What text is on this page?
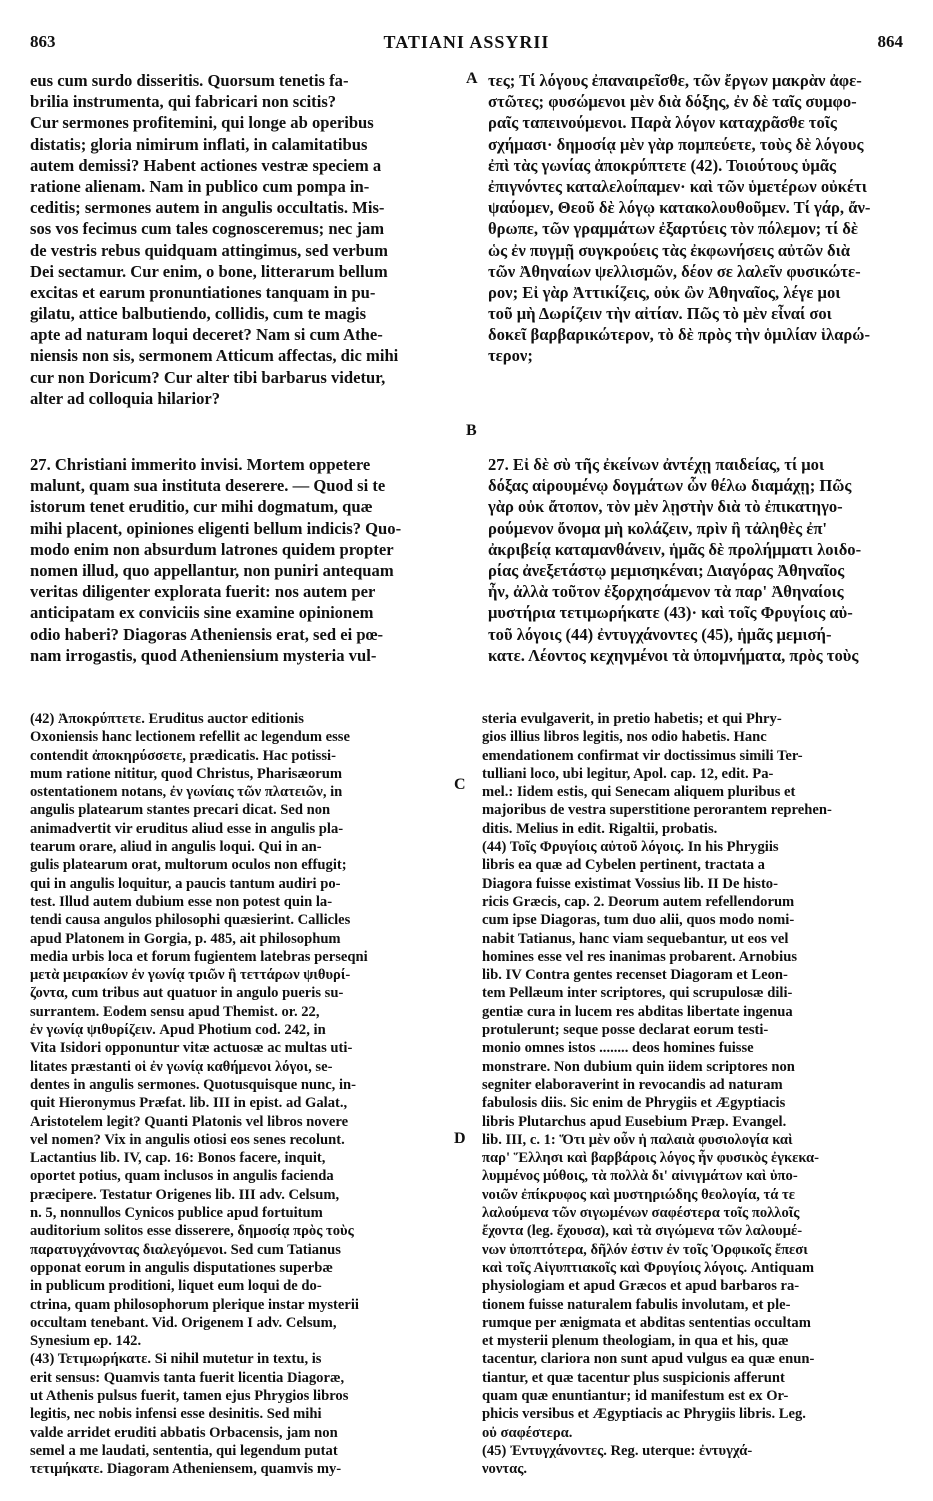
863	TATIANI ASSYRII	864
A
B
C
D
eus cum surdo disseritis. Quorsum tenetis fa-
brilia instrumenta, qui fabricari non scitis?
Cur sermones profitemini, qui longe ab operibus
distatis; gloria nimirum inflati, in calamitatibus
autem demissi? Habent actiones vestræ speciem a
ratione alienam. Nam in publico cum pompa in-
ceditis; sermones autem in angulis occultatis. Mis-
sos vos fecimus cum tales cognosceremus; nec jam
de vestris rebus quidquam attingimus, sed verbum
Dei sectamur. Cur enim, o bone, litterarum bellum
excitas et earum pronuntiationes tanquam in pu-
gilatu, attice balbutiendo, collidis, cum te magis
apte ad naturam loqui deceret? Nam si cum Athe-
niensis non sis, sermonem Atticum affectas, dic mihi
cur non Doricum? Cur alter tibi barbarus videtur,
alter ad colloquia hilarior?
τες; Τί λόγους ἐπαναιρεῖσθε, τῶν ἔργων μακρὰν ἀφε-
στῶτες; φυσώμενοι μὲν διὰ δόξης, ἐν δὲ ταῖς συμφο-
ραῖς ταπεινούμενοι. Παρὰ λόγον καταχρᾶσθε τοῖς
σχήμασι· δημοσίᾳ μὲν γὰρ πομπεύετε, τοὺς δὲ λόγους
ἐπὶ τὰς γωνίας ἀποκρύπτετε (42). Τοιούτους ὑμᾶς
ἐπιγνόντες καταλελοίπαμεν· καὶ τῶν ὑμετέρων οὐκέτι
ψαύομεν, Θεοῦ δὲ λόγῳ κατακολουθοῦμεν. Τί γάρ, ἄν-
θρωπε, τῶν γραμμάτων ἐξαρτύεις τὸν πόλεμον; τί δὲ
ὡς ἐν πυγμῇ συγκρούεις τὰς ἐκφωνήσεις αὐτῶν διὰ
τῶν Ἀθηναίων ψελλισμῶν, δέον σε λαλεῖν φυσικώτε-
ρον; Εἰ γὰρ Ἀττικίζεις, οὐκ ὢν Ἀθηναῖος, λέγε μοι
τοῦ μὴ Δωρίζειν τὴν αἰτίαν. Πῶς τὸ μὲν εἶναί σοι
δοκεῖ βαρβαρικώτερον, τὸ δὲ πρὸς τὴν ὁμιλίαν ἱλαρώ-
τερον;
27. Christiani immerito invisi. Mortem oppetere
malunt, quam sua instituta deserere. — Quod si te
istorum tenet eruditio, cur mihi dogmatum, quæ
mihi placent, opiniones eligenti bellum indicis? Quo-
modo enim non absurdum latrones quidem propter
nomen illud, quo appellantur, non puniri antequam
veritas diligenter explorata fuerit: nos autem per
anticipatam ex conviciis sine examine opinionem
odio haberi? Diagoras Atheniensis erat, sed ei pœ-
nam irrogastis, quod Atheniensium mysteria vul-
27. Εἰ δὲ σὺ τῆς ἐκείνων ἀντέχῃ παιδείας, τί μοι
δόξας αἱρουμένῳ δογμάτων ὧν θέλω διαμάχῃ; Πῶς
γὰρ οὐκ ἄτοπον, τὸν μὲν λῃστὴν διὰ τὸ ἐπικατηγο-
ρούμενον ὄνομα μὴ κολάζειν, πρὶν ἢ τἀληθὲς ἐπ'
ἀκριβείᾳ καταμανθάνειν, ἡμᾶς δὲ προλήμματι λοιδο-
ρίας ἀνεξετάστῳ μεμισηκέναι; Διαγόρας Ἀθηναῖος
ἦν, ἀλλὰ τοῦτον ἐξορχησάμενον τὰ παρ' Ἀθηναίοις
μυστήρια τετιμωρήκατε (43)· καὶ τοῖς Φρυγίοις αὐ-
τοῦ λόγοις (44) ἐντυγχάνοντες (45), ἡμᾶς μεμισή-
κατε. Λέοντος κεχηνμένοι τὰ ὑπομνήματα, πρὸς τοὺς
(42) Ἀποκρύπτετε. Eruditus auctor editionis
Oxoniensis hanc lectionem refellit ac legendum esse
contendit ἀποκηρύσσετε, prædicatis. Hac potissi-
mum ratione nititur, quod Christus, Pharisæorum
ostentationem notans, ἐν γωνίαις τῶν πλατειῶν, in
angulis platearum stantes precari dicat. Sed non
animadvertit vir eruditus aliud esse in angulis pla-
tearum orare, aliud in angulis loqui. Qui in an-
gulis platearum orat, multorum oculos non effugit;
qui in angulis loquitur, a paucis tantum audiri po-
test. Illud autem dubium esse non potest quin la-
tendi causa angulos philosophi quæsierint. Callicles
apud Platonem in Gorgia, p. 485, ait philosophum
media urbis loca et forum fugientem latebras perseqni
μετὰ μειρακίων ἐν γωνίᾳ τριῶν ἢ τεττάρων ψιθυρί-
ζοντα, cum tribus aut quatuor in angulo pueris su-
surrantem. Eodem sensu apud Themist. or. 22,
ἐν γωνίᾳ ψιθυρίζειν. Apud Photium cod. 242, in
Vita Isidori opponuntur vitæ actuosæ ac multas uti-
litates præstanti οἱ ἐν γωνίᾳ καθήμενοι λόγοι, se-
dentes in angulis sermones. Quotusquisque nunc, in-
quit Hieronymus Præfat. lib. III in epist. ad Galat.,
Aristotelem legit? Quanti Platonis vel libros novere
vel nomen? Vix in angulis otiosi eos senes recolunt.
Lactantius lib. IV, cap. 16: Bonos facere, inquit,
oportet potius, quam inclusos in angulis facienda
præcipere. Testatur Origenes lib. III adv. Celsum,
n. 5, nonnullos Cynicos publice apud fortuitum
auditorium solitos esse disserere, δημοσίᾳ πρὸς τοὺς
παρατυγχάνοντας διαλεγόμενοι. Sed cum Tatianus
opponat eorum in angulis disputationes superbæ
in publicum proditioni, liquet eum loqui de do-
ctrina, quam philosophorum plerique instar mysterii
occultam tenebant. Vid. Origenem I adv. Celsum,
Synesium ep. 142.
(43) Τετιμωρήκατε. Si nihil mutetur in textu, is
erit sensus: Quamvis tanta fuerit licentia Diagoræ,
ut Athenis pulsus fuerit, tamen ejus Phrygios libros
legitis, nec nobis infensi esse desinitis. Sed mihi
valde arridet eruditi abbatis Orbacensis, jam non
semel a me laudati, sententia, qui legendum putat
τετιμήκατε. Diagoram Atheniensem, quamvis my-
steria evulgaverit, in pretio habetis; et qui Phry-
gios illius libros legitis, nos odio habetis. Hanc
emendationem confirmat vir doctissimus simili Ter-
tulliani loco, ubi legitur, Apol. cap. 12, edit. Pa-
mel.: Iidem estis, qui Senecam aliquem pluribus et
majoribus de vestra superstitione perorantem reprehen-
ditis. Melius in edit. Rigaltii, probatis.
(44) Τοῖς Φρυγίοις αὐτοῦ λόγοις. In his Phrygiis
libris ea quæ ad Cybelen pertinent, tractata a
Diagora fuisse existimat Vossius lib. II De histo-
ricis Græcis, cap. 2. Deorum autem refellendorum
cum ipse Diagoras, tum duo alii, quos modo nomi-
nabit Tatianus, hanc viam sequebantur, ut eos vel
homines esse vel res inanimas probarent. Arnobius
lib. IV Contra gentes recenset Diagoram et Leon-
tem Pellæum inter scriptores, qui scrupulosæ dili-
gentiæ cura in lucem res abditas libertate ingenua
protulerunt; seque posse declarat eorum testi-
monio omnes istos ........ deos homines fuisse
monstrare. Non dubium quin iidem scriptores non
segniter elaboraverint in revocandis ad naturam
fabulosis diis. Sic enim de Phrygiis et Ægyptiacis
libris Plutarchus apud Eusebium Præp. Evangel.
lib. III, c. 1: Ὅτι μὲν οὖν ἡ παλαιὰ φυσιολογία καὶ
παρ' Ἕλλησι καὶ βαρβάροις λόγος ἦν φυσικὸς ἐγκεκα-
λυμμένος μύθοις, τὰ πολλὰ δι' αἰνιγμάτων καὶ ὑπο-
νοιῶν ἐπίκρυφος καὶ μυστηριώδης θεολογία, τά τε
λαλούμενα τῶν σιγωμένων σαφέστερα τοῖς πολλοῖς
ἔχοντα (leg. ἔχουσα), καὶ τὰ σιγώμενα τῶν λαλουμέ-
νων ὑποπτότερα, δῆλόν ἐστιν ἐν τοῖς Ὀρφικοῖς ἔπεσι
καὶ τοῖς Αἰγυπτιακοῖς καὶ Φρυγίοις λόγοις. Antiquam
physiologiam et apud Græcos et apud barbaros ra-
tionem fuisse naturalem fabulis involutam, et ple-
rumque per ænigmata et abditas sententias occultam
et mysterii plenum theologiam, in qua et his, quæ
tacentur, clariora non sunt apud vulgus ea quæ enun-
tiantur, et quæ tacentur plus suspicionis afferunt
quam quæ enuntiantur; id manifestum est ex Or-
phicis versibus et Ægyptiacis ac Phrygiis libris. Leg.
οὐ σαφέστερα.
(45) Ἐντυγχάνοντες. Reg. uterque: ἐντυγχά-
νοντας.
